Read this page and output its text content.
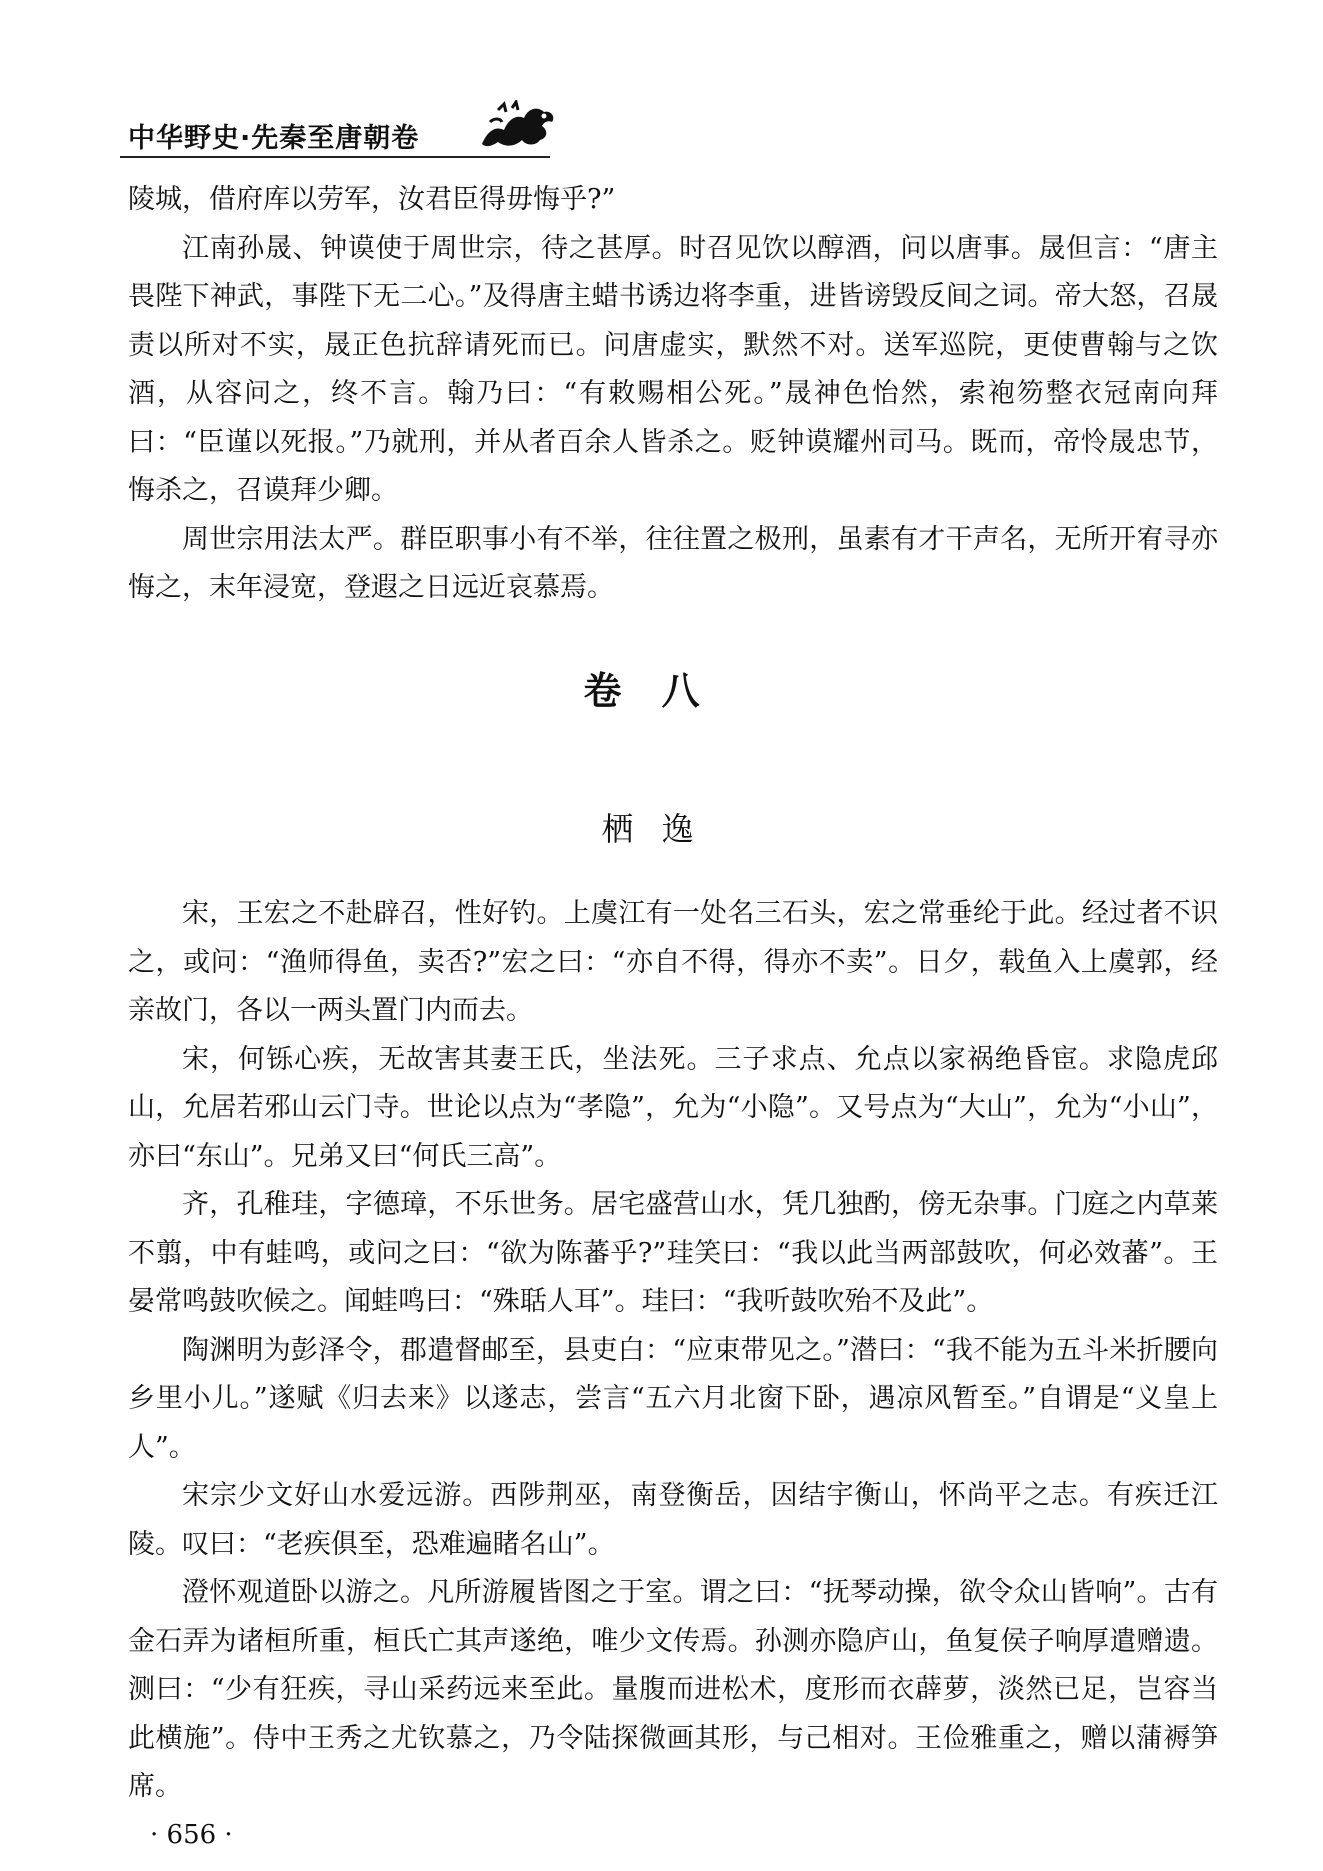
中华野史·先秦至唐朝卷

陵城，借府库以劳军，汝君臣得毋悔乎?”

江南孙晟、钟谟使于周世宗，待之甚厚。时召见饮以醇酒，问以唐事。晟但言：“唐主畏陛下神武，事陛下无二心。”及得唐主蜡书诱边将李重，进皆谤毁反间之词。帝大怒，召晟责以所对不实，晟正色抗辞请死而已。问唐虚实，默然不对。送军巡院，更使曹翰与之饮酒，从容问之，终不言。翰乃曰：“有敕赐相公死。”晟神色怡然，索袍笏整衣冠南向拜曰：“臣谨以死报。”乃就刑，并从者百余人皆杀之。贬钟谟耀州司马。既而，帝怜晟忠节，悔杀之，召谟拜少卿。

周世宗用法太严。群臣职事小有不举，往往置之极刑，虽素有才干声名，无所开宥寻亦悔之，末年浸宽，登遐之日远近哀慕焉。

卷八
栖逸

宋，王宏之不赴辟召，性好钓。上虞江有一处名三石头，宏之常垂纶于此。经过者不识之，或问：“渔师得鱼，卖否?”宏之曰：“亦自不得，得亦不卖”。日夕，载鱼入上虞郭，经亲故门，各以一两头置门内而去。

宋，何铄心疾，无故害其妻王氏，坐法死。三子求点、允点以家祸绝昏宦。求隐虎邱山，允居若邪山云门寺。世论以点为“孝隐”，允为“小隐”。又号点为“大山”，允为“小山”，亦曰“东山”。兄弟又曰“何氏三高”。

齐，孔稚珪，字德璋，不乐世务。居宅盛营山水，凭几独酌，傍无杂事。门庭之内草莱不翦，中有蛙鸣，或问之曰：“欲为陈蕃乎?”珪笑曰：“我以此当两部鼓吹，何必效蕃”。王晏常鸣鼓吹候之。闻蛙鸣曰：“殊聒人耳”。珪曰：“我听鼓吹殆不及此”。

陶渊明为彭泽令，郡遣督邮至，县吏白：“应束带见之。”潜曰：“我不能为五斗米折腰向乡里小儿。”遂赋《归去来》以遂志，尝言“五六月北窗下卧，遇凉风暂至。”自谓是“义皇上人”。

宋宗少文好山水爱远游。西陟荆巫，南登衡岳，因结宇衡山，怀尚平之志。有疾迁江陵。叹曰：“老疾俱至，恐难遍睹名山”。

澄怀观道卧以游之。凡所游履皆图之于室。谓之曰：“抚琴动操，欲令众山皆响”。古有金石弄为诸桓所重，桓氏亡其声遂绝，唯少文传焉。孙测亦隐庐山，鱼复侯子响厚遣赠遗。测曰：“少有狂疾，寻山采药远来至此。量腹而进松术，度形而衣薜萝，淡然已足，岂容当此横施”。侍中王秀之尤钦慕之，乃令陆探微画其形，与己相对。王俭雅重之，赠以蒲褥笋席。

· 656 ·
